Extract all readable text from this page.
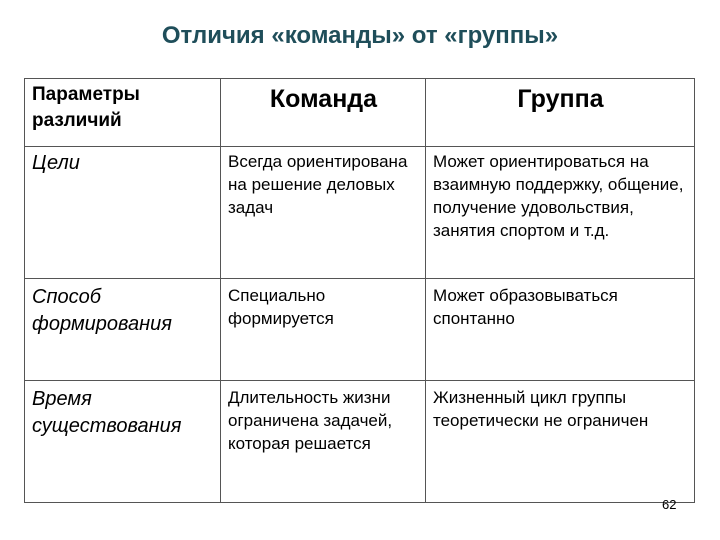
Отличия «команды» от «группы»
Параметры различий	Команда	Группа
Цели	Всегда ориентирована на решение деловых задач	Может ориентироваться на взаимную поддержку, общение, получение удовольствия, занятия спортом и т.д.
Способ формирования	Специально формируется	Может образовываться спонтанно
Время существования	Длительность жизни ограничена задачей, которая решается	Жизненный цикл группы теоретически не ограничен
62
